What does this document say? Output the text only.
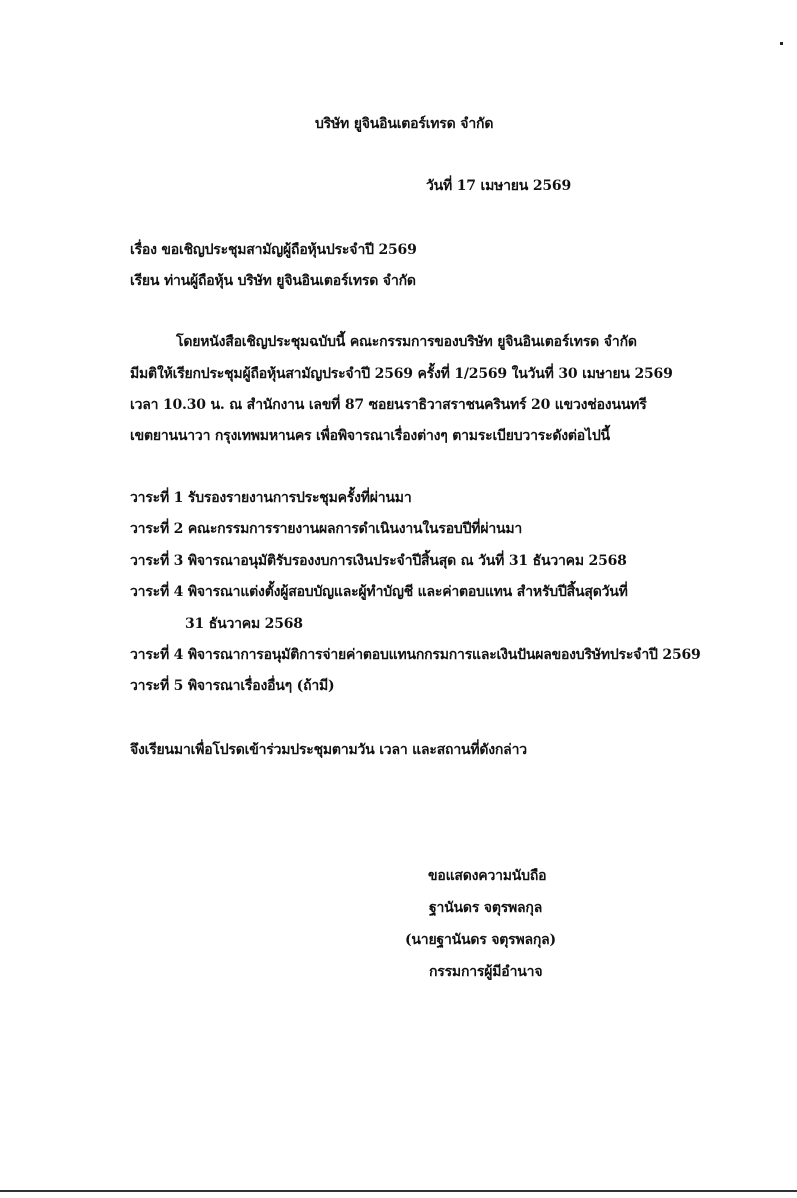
บริษัท ยูจินอินเตอร์เทรด จำกัด
วันที่ 17 เมษายน 2569
เรื่อง ขอเชิญประชุมสามัญผู้ถือหุ้นประจำปี 2569
เรียน ท่านผู้ถือหุ้น บริษัท ยูจินอินเตอร์เทรด จำกัด
โดยหนังสือเชิญประชุมฉบับนี้ คณะกรรมการของบริษัท ยูจินอินเตอร์เทรด จำกัด
มีมติให้เรียกประชุมผู้ถือหุ้นสามัญประจำปี 2569 ครั้งที่ 1/2569 ในวันที่ 30 เมษายน 2569
เวลา 10.30 น. ณ สำนักงาน เลขที่ 87 ซอยนราธิวาสราชนครินทร์ 20 แขวงช่องนนทรี
เขตยานนาวา กรุงเทพมหานคร เพื่อพิจารณาเรื่องต่างๆ ตามระเบียบวาระดังต่อไปนี้
วาระที่ 1 รับรองรายงานการประชุมครั้งที่ผ่านมา
วาระที่ 2 คณะกรรมการรายงานผลการดำเนินงานในรอบปีที่ผ่านมา
วาระที่ 3 พิจารณาอนุมัติรับรองงบการเงินประจำปีสิ้นสุด ณ วันที่ 31 ธันวาคม 2568
วาระที่ 4 พิจารณาแต่งตั้งผู้สอบบัญและผู้ทำบัญชี และค่าตอบแทน สำหรับปีสิ้นสุดวันที่
31 ธันวาคม 2568
วาระที่ 4 พิจารณาการอนุมัติการจ่ายค่าตอบแทนกกรมการและเงินปันผลของบริษัทประจำปี 2569
วาระที่ 5 พิจารณาเรื่องอื่นๆ (ถ้ามี)
จึงเรียนมาเพื่อโปรดเข้าร่วมประชุมตามวัน เวลา และสถานที่ดังกล่าว
ขอแสดงความนับถือ
ฐานันดร จตุรพลกุล
(นายฐานันดร จตุรพลกุล)
กรรมการผู้มีอำนาจ
